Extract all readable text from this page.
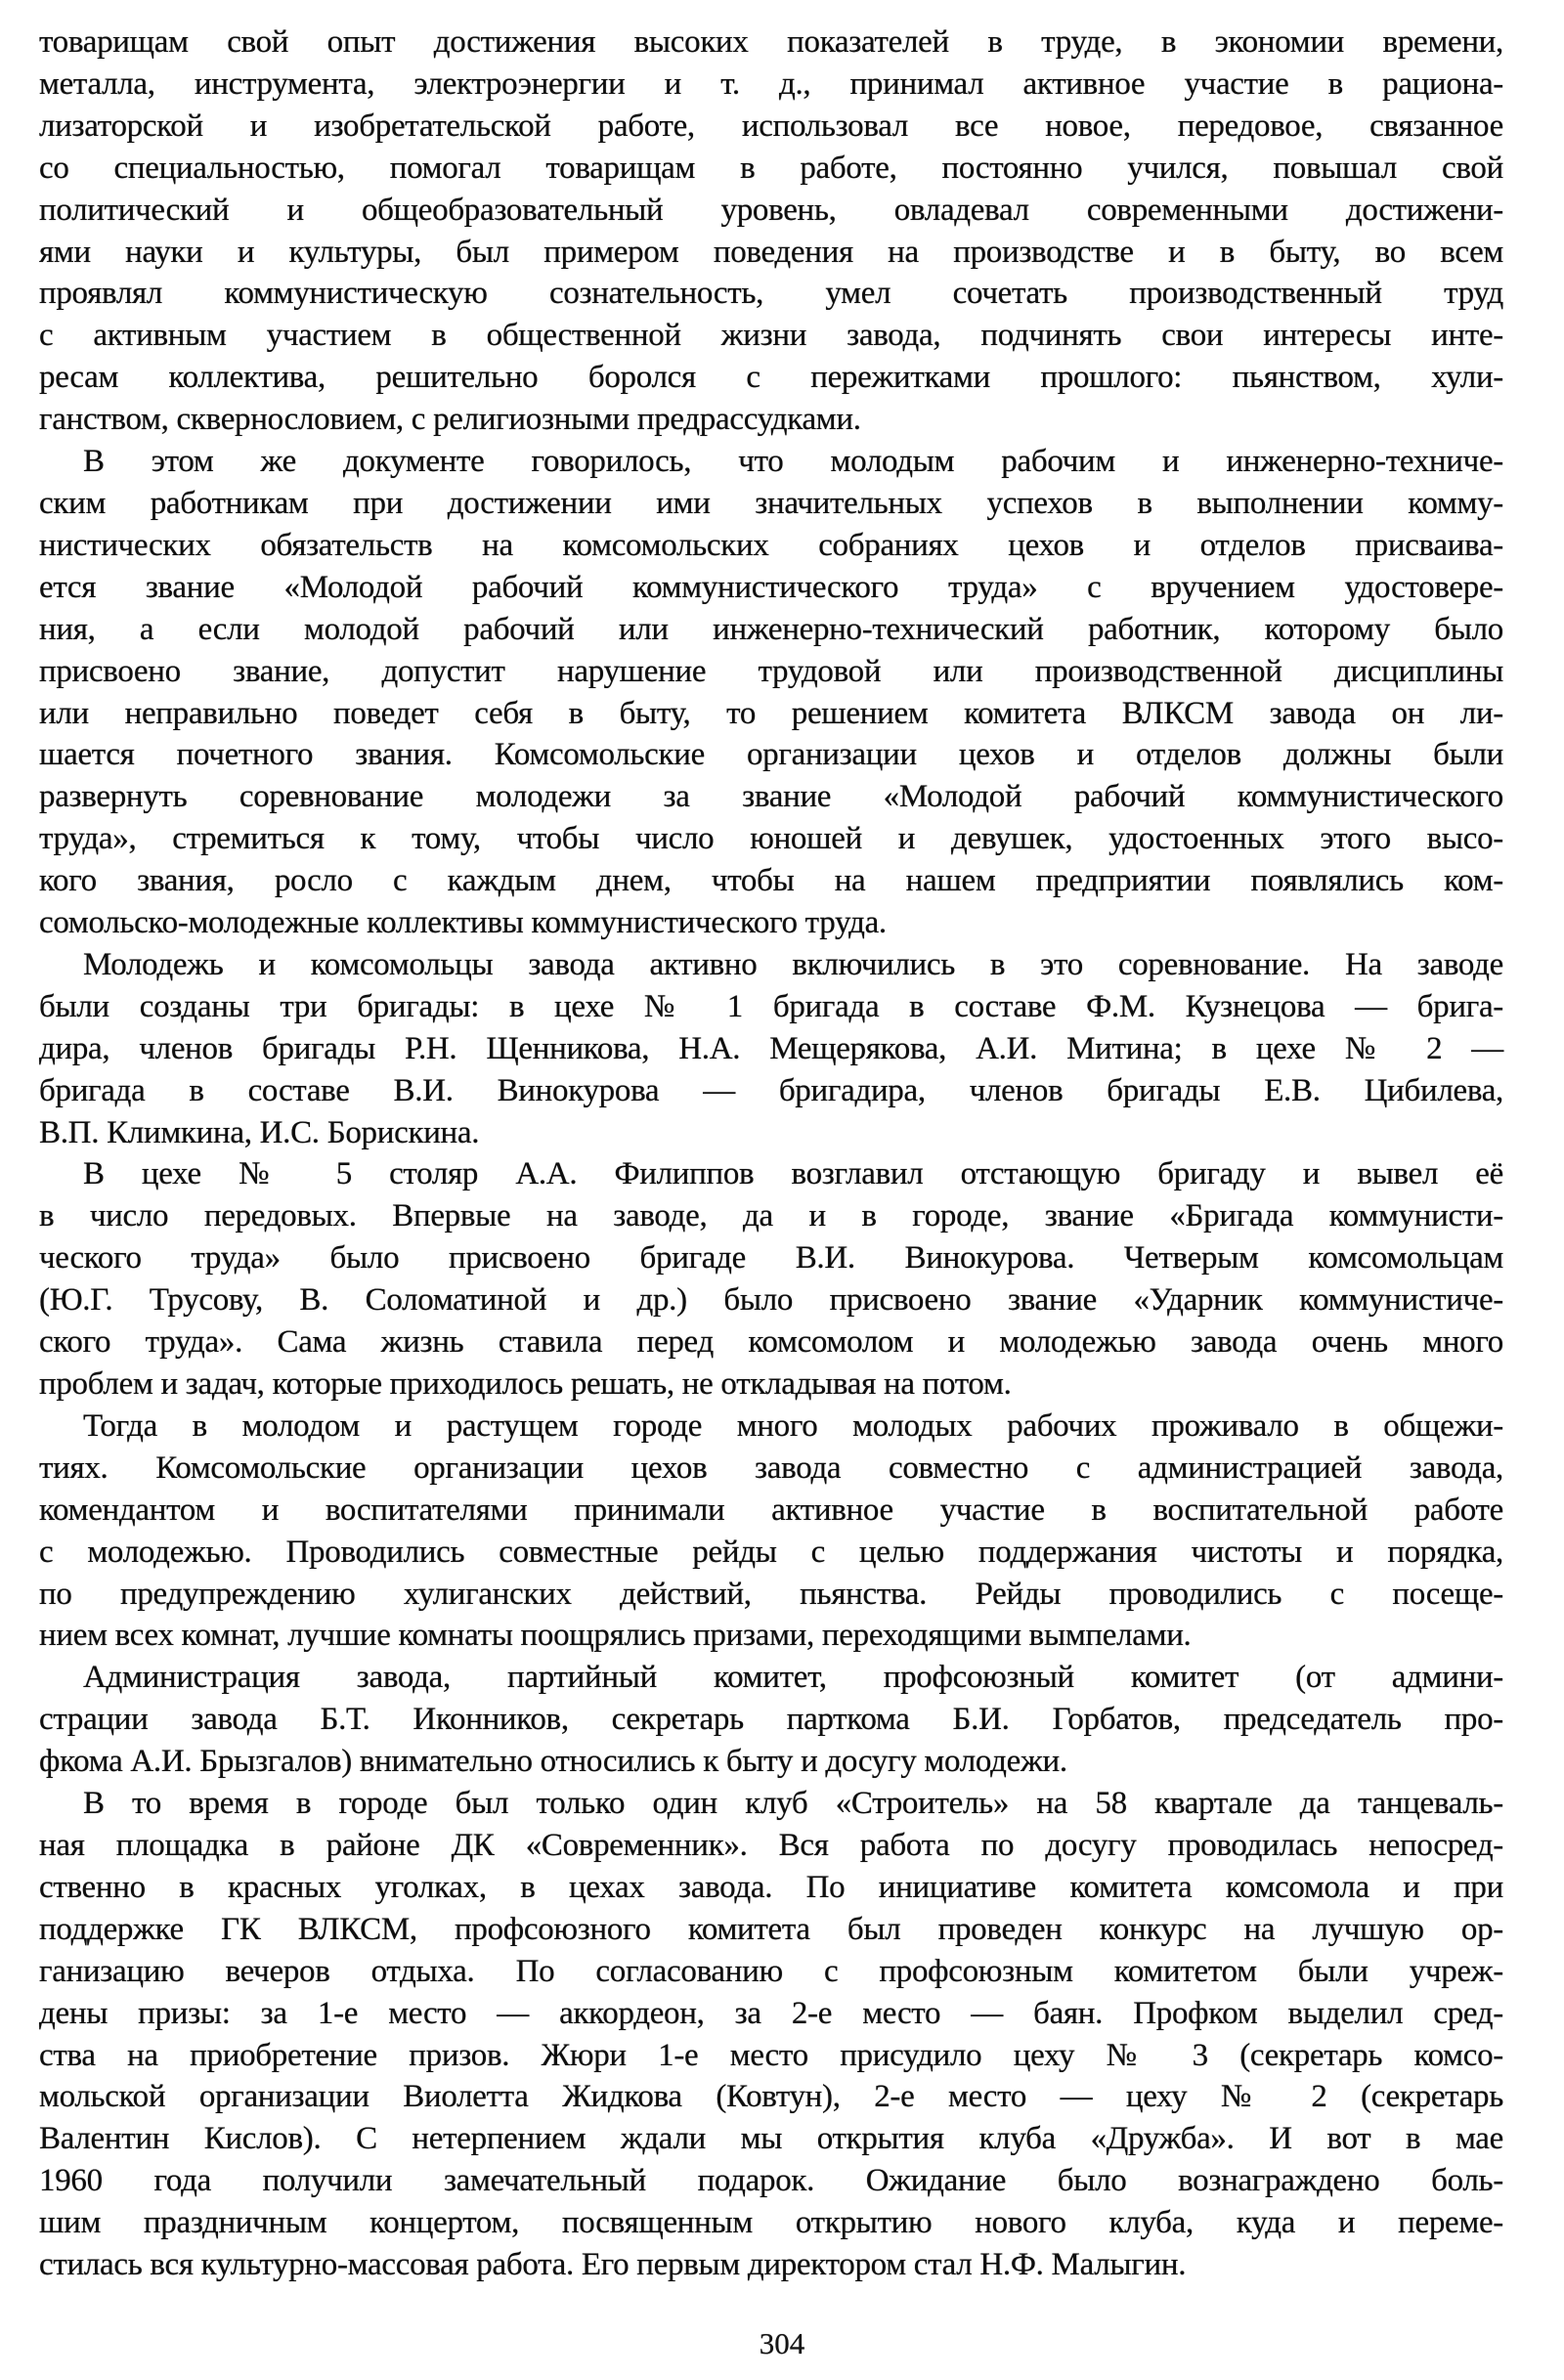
товарищам свой опыт достижения высоких показателей в труде, в экономии времени,
металла, инструмента, электроэнергии и т. д., принимал активное участие в рациона-
лизаторской и изобретательской работе, использовал все новое, передовое, связанное
со специальностью, помогал товарищам в работе, постоянно учился, повышал свой
политический и общеобразовательный уровень, овладевал современными достижени-
ями науки и культуры, был примером поведения на производстве и в быту, во всем
проявлял коммунистическую сознательность, умел сочетать производственный труд
с активным участием в общественной жизни завода, подчинять свои интересы инте-
ресам коллектива, решительно боролся с пережитками прошлого: пьянством, хули-
ганством, сквернословием, с религиозными предрассудками.
В этом же документе говорилось, что молодым рабочим и инженерно-техниче-
ским работникам при достижении ими значительных успехов в выполнении комму-
нистических обязательств на комсомольских собраниях цехов и отделов присваива-
ется звание «Молодой рабочий коммунистического труда» с вручением удостовере-
ния, а если молодой рабочий или инженерно-технический работник, которому было
присвоено звание, допустит нарушение трудовой или производственной дисциплины
или неправильно поведет себя в быту, то решением комитета ВЛКСМ завода он ли-
шается почетного звания. Комсомольские организации цехов и отделов должны были
развернуть соревнование молодежи за звание «Молодой рабочий коммунистического
труда», стремиться к тому, чтобы число юношей и девушек, удостоенных этого высо-
кого звания, росло с каждым днем, чтобы на нашем предприятии появлялись ком-
сомольско-молодежные коллективы коммунистического труда.
Молодежь и комсомольцы завода активно включились в это соревнование. На заводе
были созданы три бригады: в цехе № 1 бригада в составе Ф.М. Кузнецова — брига-
дира, членов бригады Р.Н. Щенникова, Н.А. Мещерякова, А.И. Митина; в цехе № 2 —
бригада в составе В.И. Винокурова — бригадира, членов бригады Е.В. Цибилева,
В.П. Климкина, И.С. Борискина.
В цехе № 5 столяр А.А. Филиппов возглавил отстающую бригаду и вывел её
в число передовых. Впервые на заводе, да и в городе, звание «Бригада коммунисти-
ческого труда» было присвоено бригаде В.И. Винокурова. Четверым комсомольцам
(Ю.Г. Трусову, В. Соломатиной и др.) было присвоено звание «Ударник коммунистиче-
ского труда». Сама жизнь ставила перед комсомолом и молодежью завода очень много
проблем и задач, которые приходилось решать, не откладывая на потом.
Тогда в молодом и растущем городе много молодых рабочих проживало в общежи-
тиях. Комсомольские организации цехов завода совместно с администрацией завода,
комендантом и воспитателями принимали активное участие в воспитательной работе
с молодежью. Проводились совместные рейды с целью поддержания чистоты и порядка,
по предупреждению хулиганских действий, пьянства. Рейды проводились с посеще-
нием всех комнат, лучшие комнаты поощрялись призами, переходящими вымпелами.
Администрация завода, партийный комитет, профсоюзный комитет (от админи-
страции завода Б.Т. Иконников, секретарь парткома Б.И. Горбатов, председатель про-
фкома А.И. Брызгалов) внимательно относились к быту и досугу молодежи.
В то время в городе был только один клуб «Строитель» на 58 квартале да танцеваль-
ная площадка в районе ДК «Современник». Вся работа по досугу проводилась непосред-
ственно в красных уголках, в цехах завода. По инициативе комитета комсомола и при
поддержке ГК ВЛКСМ, профсоюзного комитета был проведен конкурс на лучшую ор-
ганизацию вечеров отдыха. По согласованию с профсоюзным комитетом были учреж-
дены призы: за 1-е место — аккордеон, за 2-е место — баян. Профком выделил сред-
ства на приобретение призов. Жюри 1-е место присудило цеху № 3 (секретарь комсо-
мольской организации Виолетта Жидкова (Ковтун), 2-е место — цеху № 2 (секретарь
Валентин Кислов). С нетерпением ждали мы открытия клуба «Дружба». И вот в мае
1960 года получили замечательный подарок. Ожидание было вознаграждено боль-
шим праздничным концертом, посвященным открытию нового клуба, куда и переме-
стилась вся культурно-массовая работа. Его первым директором стал Н.Ф. Малыгин.
304
